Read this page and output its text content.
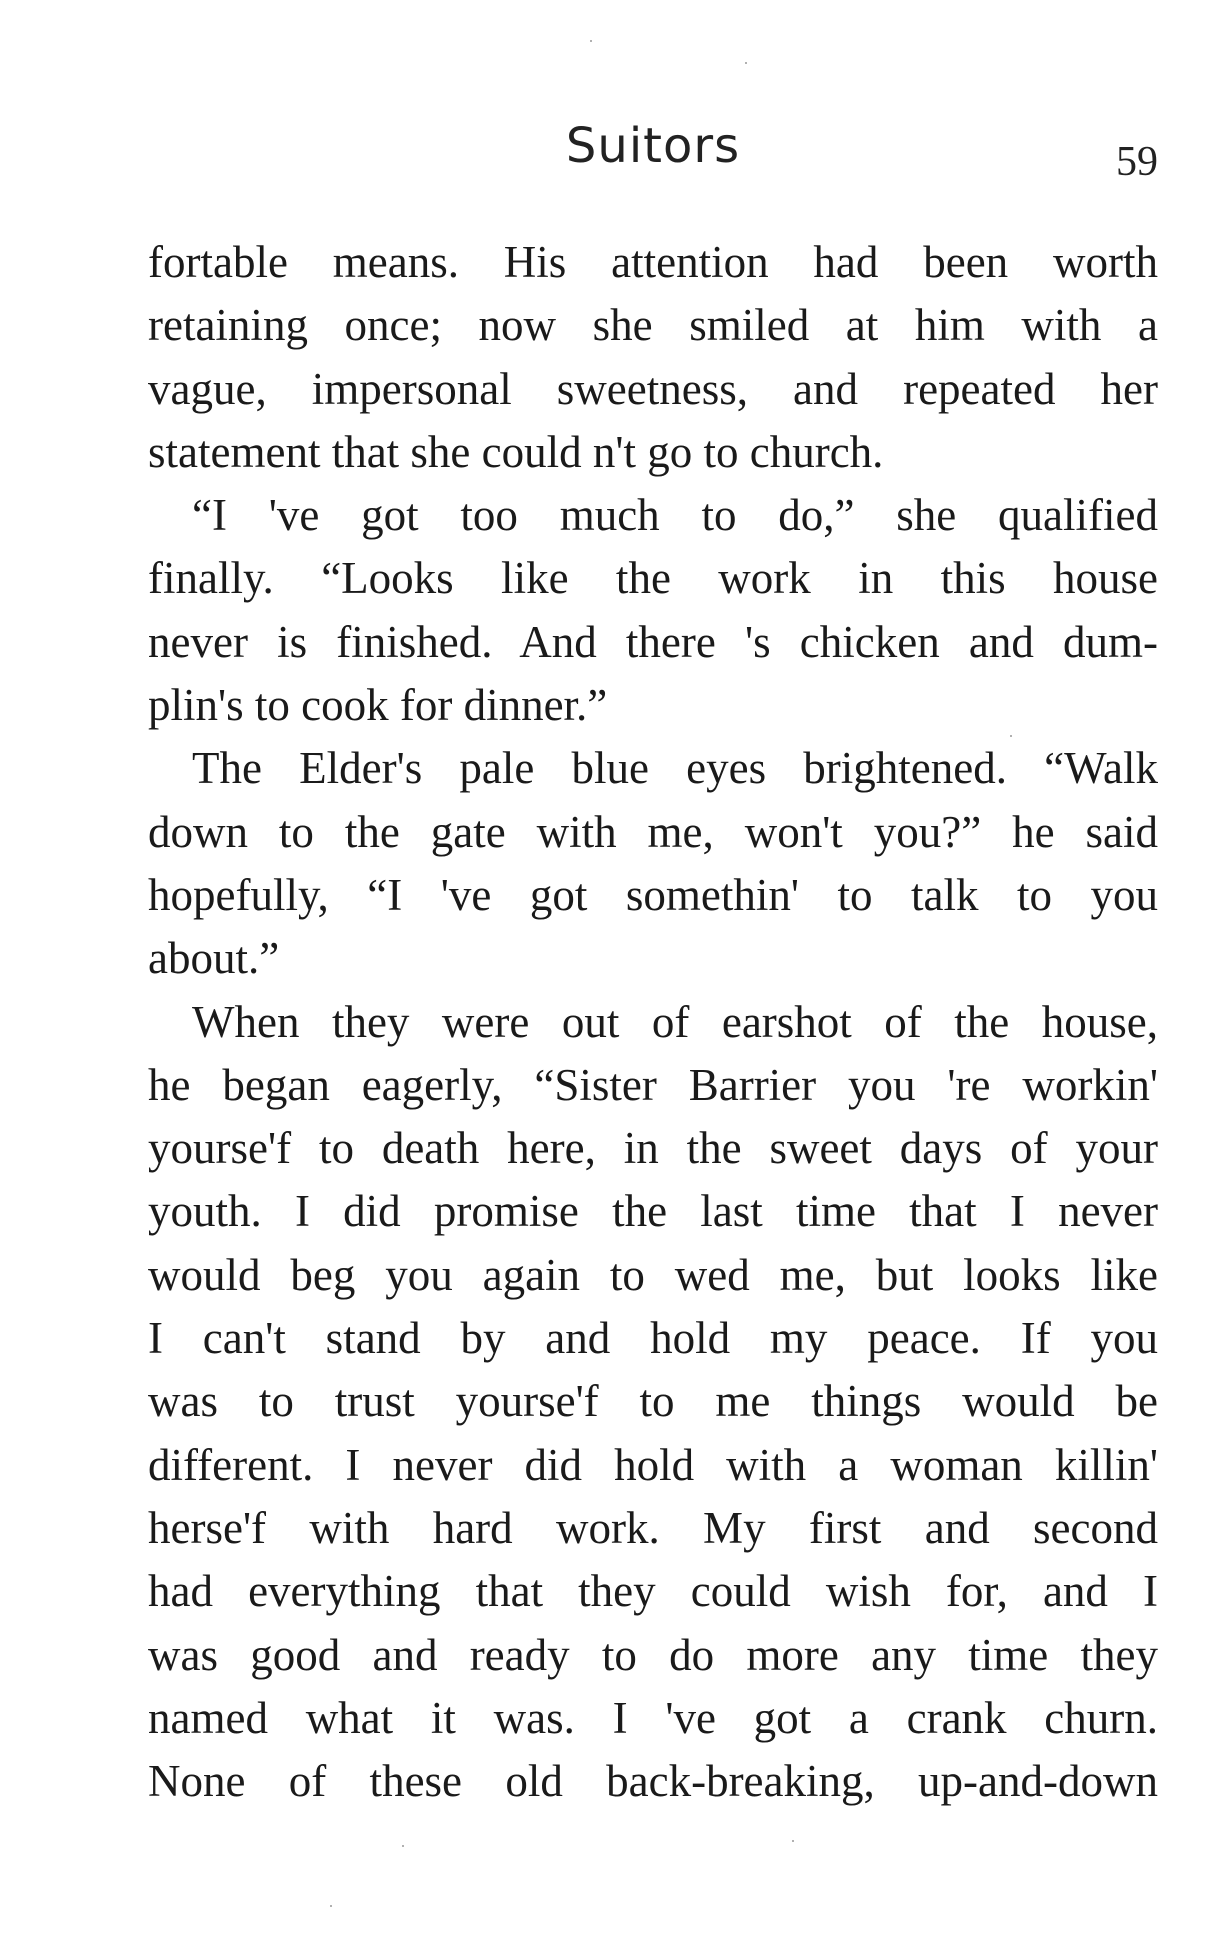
Suitors	59
fortable means. His attention had been worth
retaining once; now she smiled at him with a
vague, impersonal sweetness, and repeated her
statement that she could n't go to church.
“I 've got too much to do,” she qualified
finally. “Looks like the work in this house
never is finished. And there 's chicken and dum-
plin's to cook for dinner.”
The Elder's pale blue eyes brightened. “Walk
down to the gate with me, won't you?” he said
hopefully, “I 've got somethin' to talk to you
about.”
When they were out of earshot of the house,
he began eagerly, “Sister Barrier you 're workin'
yourse'f to death here, in the sweet days of your
youth. I did promise the last time that I never
would beg you again to wed me, but looks like
I can't stand by and hold my peace. If you
was to trust yourse'f to me things would be
different. I never did hold with a woman killin'
herse'f with hard work. My first and second
had everything that they could wish for, and I
was good and ready to do more any time they
named what it was. I 've got a crank churn.
None of these old back-breaking, up-and-down
